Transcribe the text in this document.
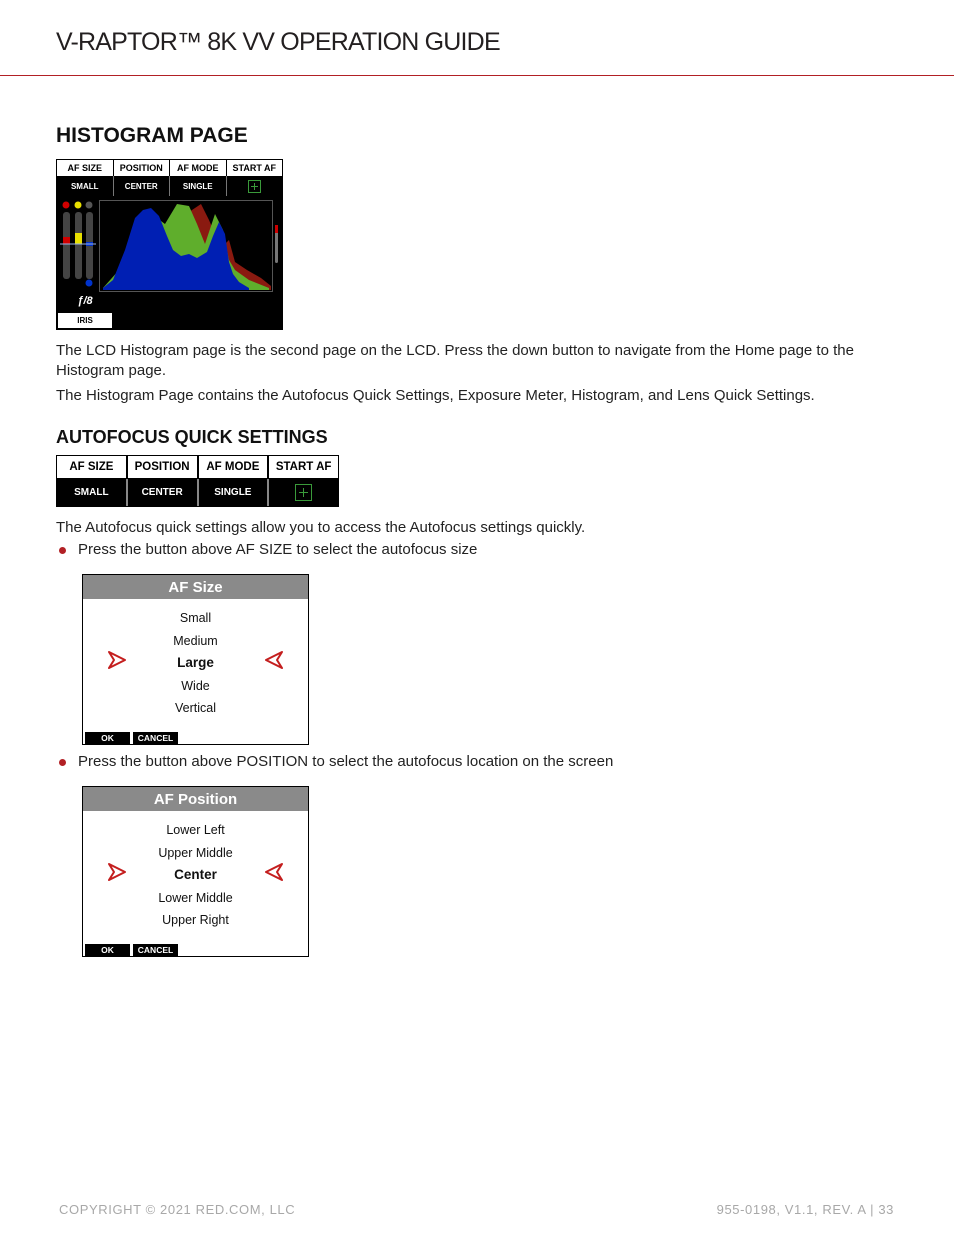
V-RAPTOR™ 8K VV OPERATION GUIDE
HISTOGRAM PAGE
AF SIZE	POSITION	AF MODE	START AF
SMALL	CENTER	SINGLE
ƒ/8
IRIS
The LCD Histogram page is the second page on the LCD. Press the down button to navigate from the Home page to the Histogram page.
The Histogram Page contains the Autofocus Quick Settings, Exposure Meter, Histogram, and Lens Quick Settings.
AUTOFOCUS QUICK SETTINGS
AF SIZE	POSITION	AF MODE	START AF
SMALL	CENTER	SINGLE
The Autofocus quick settings allow you to access the Autofocus settings quickly.
Press the button above AF SIZE to select the autofocus size
AF Size
Small
Medium
Large
Wide
Vertical
OK	CANCEL
Press the button above POSITION to select the autofocus location on the screen
AF Position
Lower Left
Upper Middle
Center
Lower Middle
Upper Right
OK	CANCEL
COPYRIGHT © 2021 RED.COM, LLC	955-0198, V1.1, REV. A | 33
